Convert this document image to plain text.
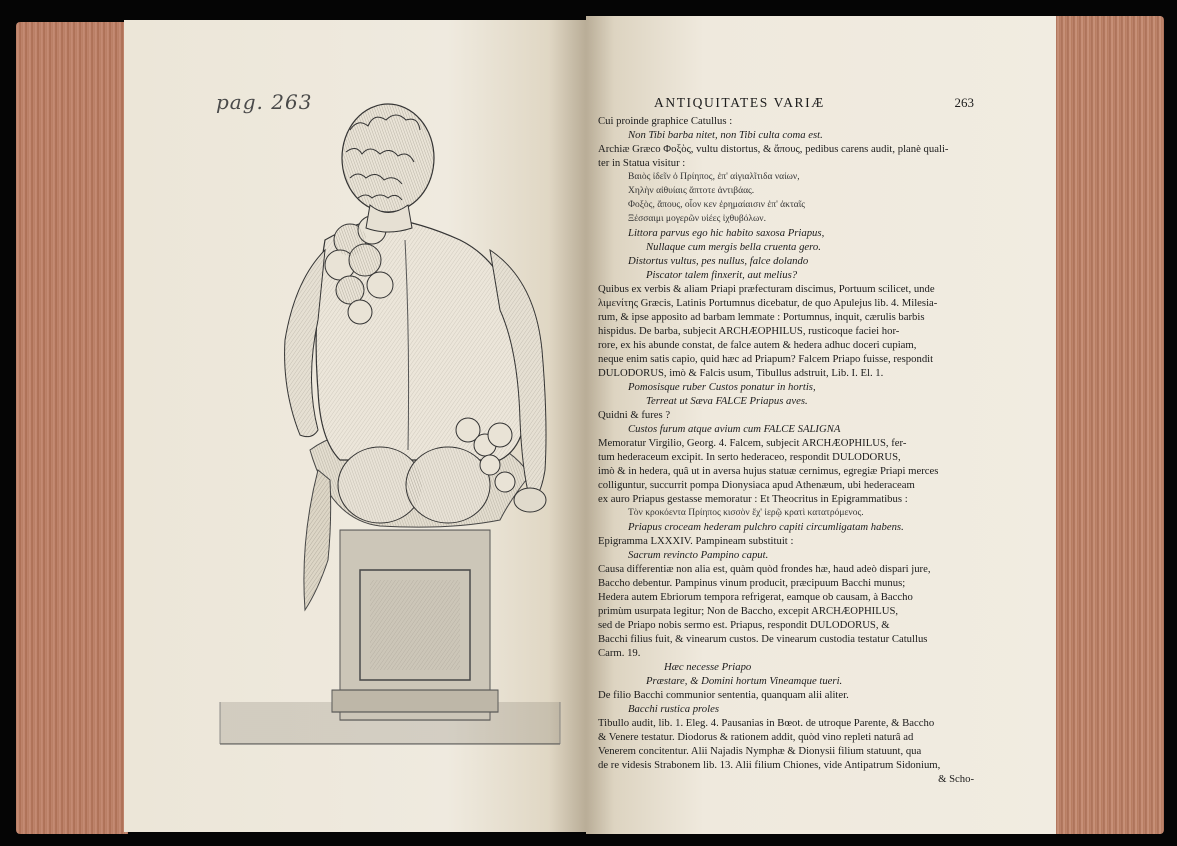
pag. 263	ANTIQUITATES VARIÆ	263

Cui proinde graphice Catullus :

Non Tibi barba nitet, non Tibi culta coma est.

Archiæ Græco Φοξὸς, vultu distortus, & ἄπους, pedibus carens audit, planè quali-

ter in Statua visitur :

Βαιὸς ἰδεῖν ὁ Πρίηπος, ἐπ' αἰγιαλῖτιδα ναίων,

Χηλὴν αἰθυίαις ἄπτοτε ἀντιβάας.

Φοξὸς, ἄπους, οἷον κεν ἐρημαίαισιν ἐπ' ἀκταῖς

Ξέσσαιμι μογερῶν υἱέες ἰχθυβόλων.

Littora parvus ego hic habito saxosa Priapus,

Nullaque cum mergis bella cruenta gero.

Distortus vultus, pes nullus, falce dolando

Piscator talem finxerit, aut melius?

Quibus ex verbis & aliam Priapi præfecturam discimus, Portuum scilicet, unde

λιμενίτης Græcis, Latinis Portumnus dicebatur, de quo Apulejus lib. 4. Milesia-

rum, & ipse apposito ad barbam lemmate : Portumnus, inquit, cærulis barbis

hispidus. De barba, subjecit ARCHÆOPHILUS, rusticoque faciei hor-

rore, ex his abunde constat, de falce autem & hedera adhuc doceri cupiam,

neque enim satis capio, quid hæc ad Priapum? Falcem Priapo fuisse, respondit

DULODORUS, imò & Falcis usum, Tibullus adstruit, Lib. I. El. 1.

Pomosisque ruber Custos ponatur in hortis,

Terreat ut Sæva FALCE Priapus aves.

Quidni & fures ?

Custos furum atque avium cum FALCE SALIGNA

Memoratur Virgilio, Georg. 4. Falcem, subjecit ARCHÆOPHILUS, fer-

tum hederaceum excipit. In serto hederaceo, respondit DULODORUS,

imò & in hedera, quâ ut in aversa hujus statuæ cernimus, egregiæ Priapi merces

colliguntur, succurrit pompa Dionysiaca apud Athenæum, ubi hederaceam

ex auro Priapus gestasse memoratur : Et Theocritus in Epigrammatibus :

Τὸν κροκόεντα Πρίηπος κισσὸν ἔχ' ἱερῷ κρατὶ κατατρόμενος.

Priapus croceam hederam pulchro capiti circumligatam habens.

Epigramma LXXXIV. Pampineam substituit :

Sacrum revincto Pampino caput.

Causa differentiæ non alia est, quàm quòd frondes hæ, haud adeò dispari jure,

Baccho debentur. Pampinus vinum producit, præcipuum Bacchi munus;

Hedera autem Ebriorum tempora refrigerat, eamque ob causam, à Baccho

primùm usurpata legitur; Non de Baccho, excepit ARCHÆOPHILUS,

sed de Priapo nobis sermo est. Priapus, respondit DULODORUS, &

Bacchi filius fuit, & vinearum custos. De vinearum custodia testatur Catullus

Carm. 19.

Hæc necesse Priapo

Præstare, & Domini hortum Vineamque tueri.

De filio Bacchi communior sententia, quanquam alii aliter.

Bacchi rustica proles

Tibullo audit, lib. 1. Eleg. 4. Pausanias in Bœot. de utroque Parente, & Baccho

& Venere testatur. Diodorus & rationem addit, quòd vino repleti naturâ ad

Venerem concitentur. Alii Najadis Nymphæ & Dionysii filium statuunt, qua

de re videsis Strabonem lib. 13. Alii filium Chiones, vide Antipatrum Sidonium,

& Scho-
